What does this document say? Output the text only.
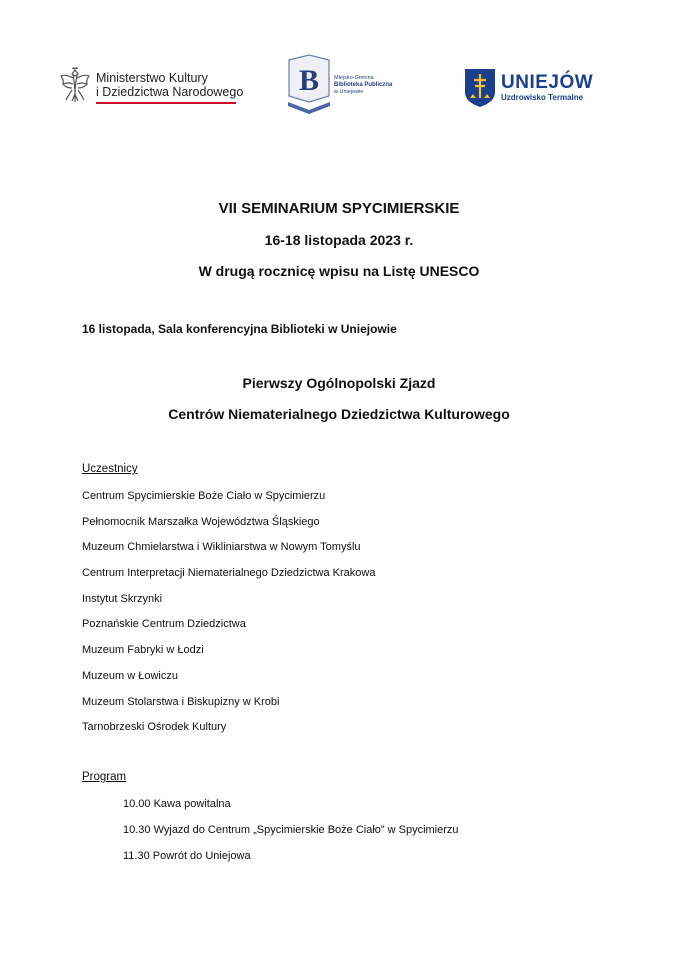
Ministerstwo Kultury
i Dziedzictwa Narodowego B	Miejsko-Gminna
Biblioteka Publiczna
w Uniejowie	UNIEJÓW
Uzdrowisko Termalne
VII SEMINARIUM SPYCIMIERSKIE
16-18 listopada 2023 r.
W drugą rocznicę wpisu na Listę UNESCO
16 listopada, Sala konferencyjna Biblioteki w Uniejowie
Pierwszy Ogólnopolski Zjazd
Centrów Niematerialnego Dziedzictwa Kulturowego
Uczestnicy
Centrum Spycimierskie Boże Ciało w Spycimierzu
Pełnomocnik Marszałka Województwa Śląskiego
Muzeum Chmielarstwa i Wikliniarstwa w Nowym Tomyślu
Centrum Interpretacji Niematerialnego Dziedzictwa Krakowa
Instytut Skrzynki
Poznańskie Centrum Dziedzictwa
Muzeum Fabryki w Łodzi
Muzeum w Łowiczu
Muzeum Stolarstwa i Biskupizny w Krobi
Tarnobrzeski Ośrodek Kultury
Program
10.00 Kawa powitalna
10.30 Wyjazd do Centrum „Spycimierskie Boże Ciało” w Spycimierzu
11.30 Powrót do Uniejowa
